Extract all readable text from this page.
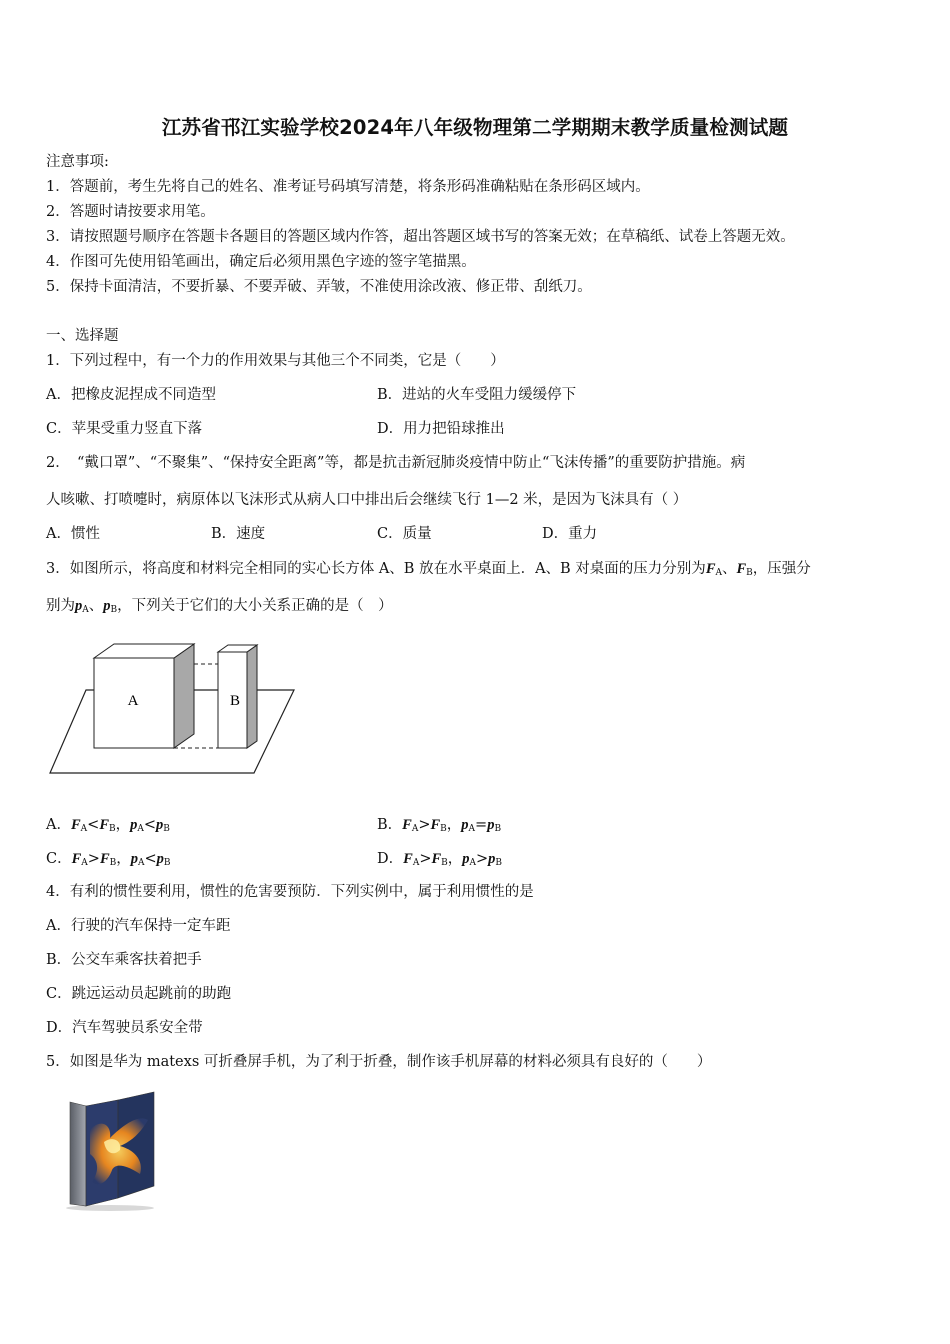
江苏省邗江实验学校2024年八年级物理第二学期期末教学质量检测试题
注意事项:
1．答题前，考生先将自己的姓名、准考证号码填写清楚，将条形码准确粘贴在条形码区域内。
2．答题时请按要求用笔。
3．请按照题号顺序在答题卡各题目的答题区域内作答，超出答题区域书写的答案无效；在草稿纸、试卷上答题无效。
4．作图可先使用铅笔画出，确定后必须用黑色字迹的签字笔描黑。
5．保持卡面清洁，不要折暴、不要弄破、弄皱，不准使用涂改液、修正带、刮纸刀。
一、选择题
1．下列过程中，有一个力的作用效果与其他三个不同类，它是（　　）
A．把橡皮泥捏成不同造型	B．进站的火车受阻力缓缓停下
C．苹果受重力竖直下落	D．用力把铅球推出
2．　“戴口罩”、“不聚集”、“保持安全距离”等，都是抗击新冠肺炎疫情中防止“飞沫传播”的重要防护措施。病
人咳嗽、打喷嚏时，病原体以飞沫形式从病人口中排出后会继续飞行 1—2 米，是因为飞沫具有（ ）
A．惯性	B．速度	C．质量	D．重力
3．如图所示，将高度和材料完全相同的实心长方体 A、B 放在水平桌面上．A、B 对桌面的压力分别为$F_A$、$F_B$，压强分
别为$p_A$、$p_B$，下列关于它们的大小关系正确的是（　）
A	B
A．$F_A<F_B$，$p_A<p_B$	B．$F_A>F_B$，$p_A=p_B$
C．$F_A>F_B$，$p_A<p_B$	D．$F_A>F_B$，$p_A>p_B$
4．有利的惯性要利用，惯性的危害要预防．下列实例中，属于利用惯性的是
A．行驶的汽车保持一定车距
B．公交车乘客扶着把手
C．跳远运动员起跳前的助跑
D．汽车驾驶员系安全带
5．如图是华为 matexs 可折叠屏手机，为了利于折叠，制作该手机屏幕的材料必须具有良好的（　　）
